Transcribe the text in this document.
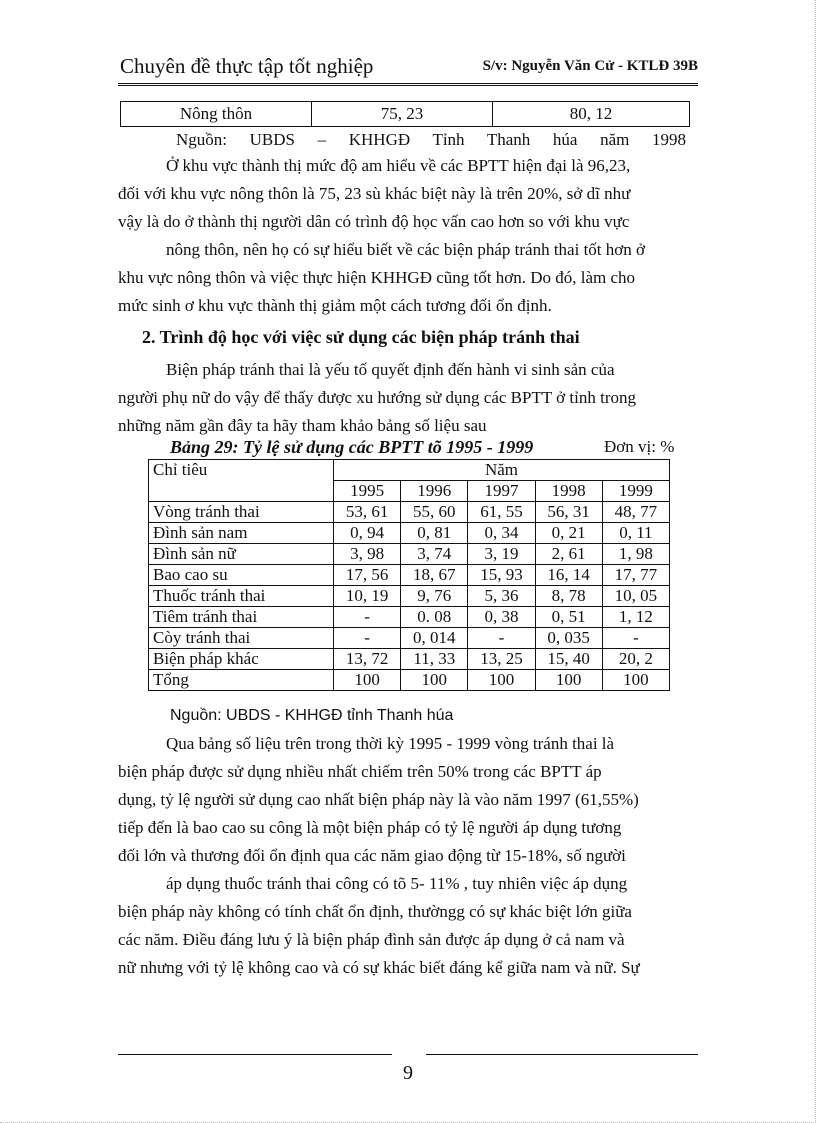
Chuyên đề thực tập tốt nghiệp	S/v: Nguyễn Văn Cử - KTLĐ 39B
Nông thôn	75, 23	80, 12
Nguồn: UBDS – KHHGĐ Tỉnh Thanh húa năm 1998
Ở khu vực thành thị mức độ am hiểu về các BPTT hiện đại là 96,23,
đối với khu vực nông thôn là 75, 23 sù khác biệt này là trên 20%, sở dĩ như
vậy là do ở thành thị người dân có trình độ học vấn cao hơn so với khu vực
nông thôn, nên họ có sự hiểu biết về các biện pháp tránh thai tốt hơn ở
khu vực nông thôn và việc thực hiện KHHGĐ cũng tốt hơn. Do đó, làm cho
mức sinh ơ khu vực thành thị giảm một cách tương đối ổn định.
2. Trình độ học với việc sử dụng các biện pháp tránh thai
Biện pháp tránh thai là yếu tố quyết định đến hành vi sinh sản của
người phụ nữ do vậy để thấy được xu hướng sử dụng các BPTT ở tỉnh trong
những năm gần đây ta hãy tham khảo bảng số liệu sau
Bảng 29: Tỷ lệ sử dụng các BPTT tõ 1995 - 1999	Đơn vị: %
Chỉ tiêu	Năm				
	1995	1996	1997	1998	1999
Vòng tránh thai	53, 61	55, 60	61, 55	56, 31	48, 77
Đình sản nam	0, 94	0, 81	0, 34	0, 21	0, 11
Đình sản nữ	3, 98	3, 74	3, 19	2, 61	1, 98
Bao cao su	17, 56	18, 67	15, 93	16, 14	17, 77
Thuốc tránh thai	10, 19	9, 76	5, 36	8, 78	10, 05
Tiêm tránh thai	-	0. 08	0, 38	0, 51	1, 12
Còy tránh thai	-	0, 014	-	0, 035	-
Biện pháp khác	13, 72	11, 33	13, 25	15, 40	20, 2
Tổng	100	100	100	100	100
Nguồn: UBDS - KHHGĐ tỉnh Thanh húa
Qua bảng số liệu trên trong thời kỳ 1995 - 1999 vòng tránh thai là
biện pháp được sử dụng nhiều nhất chiếm trên 50% trong các BPTT áp
dụng, tỷ lệ người sử dụng cao nhất biện pháp này là vào năm 1997 (61,55%)
tiếp đến là bao cao su công là một biện pháp có tỷ lệ người áp dụng tương
đối lớn và thương đối ổn định qua các năm giao động từ 15-18%, số người
áp dụng thuốc tránh thai công có tõ 5- 11% , tuy nhiên việc áp dụng
biện pháp này không có tính chất ổn định, thườngg có sự khác biệt lớn giữa
các năm. Điều đáng lưu ý là biện pháp đình sản được áp dụng ở cả nam và
nữ nhưng với tỷ lệ không cao và có sự khác biết đáng kể giữa nam và nữ. Sự
9
